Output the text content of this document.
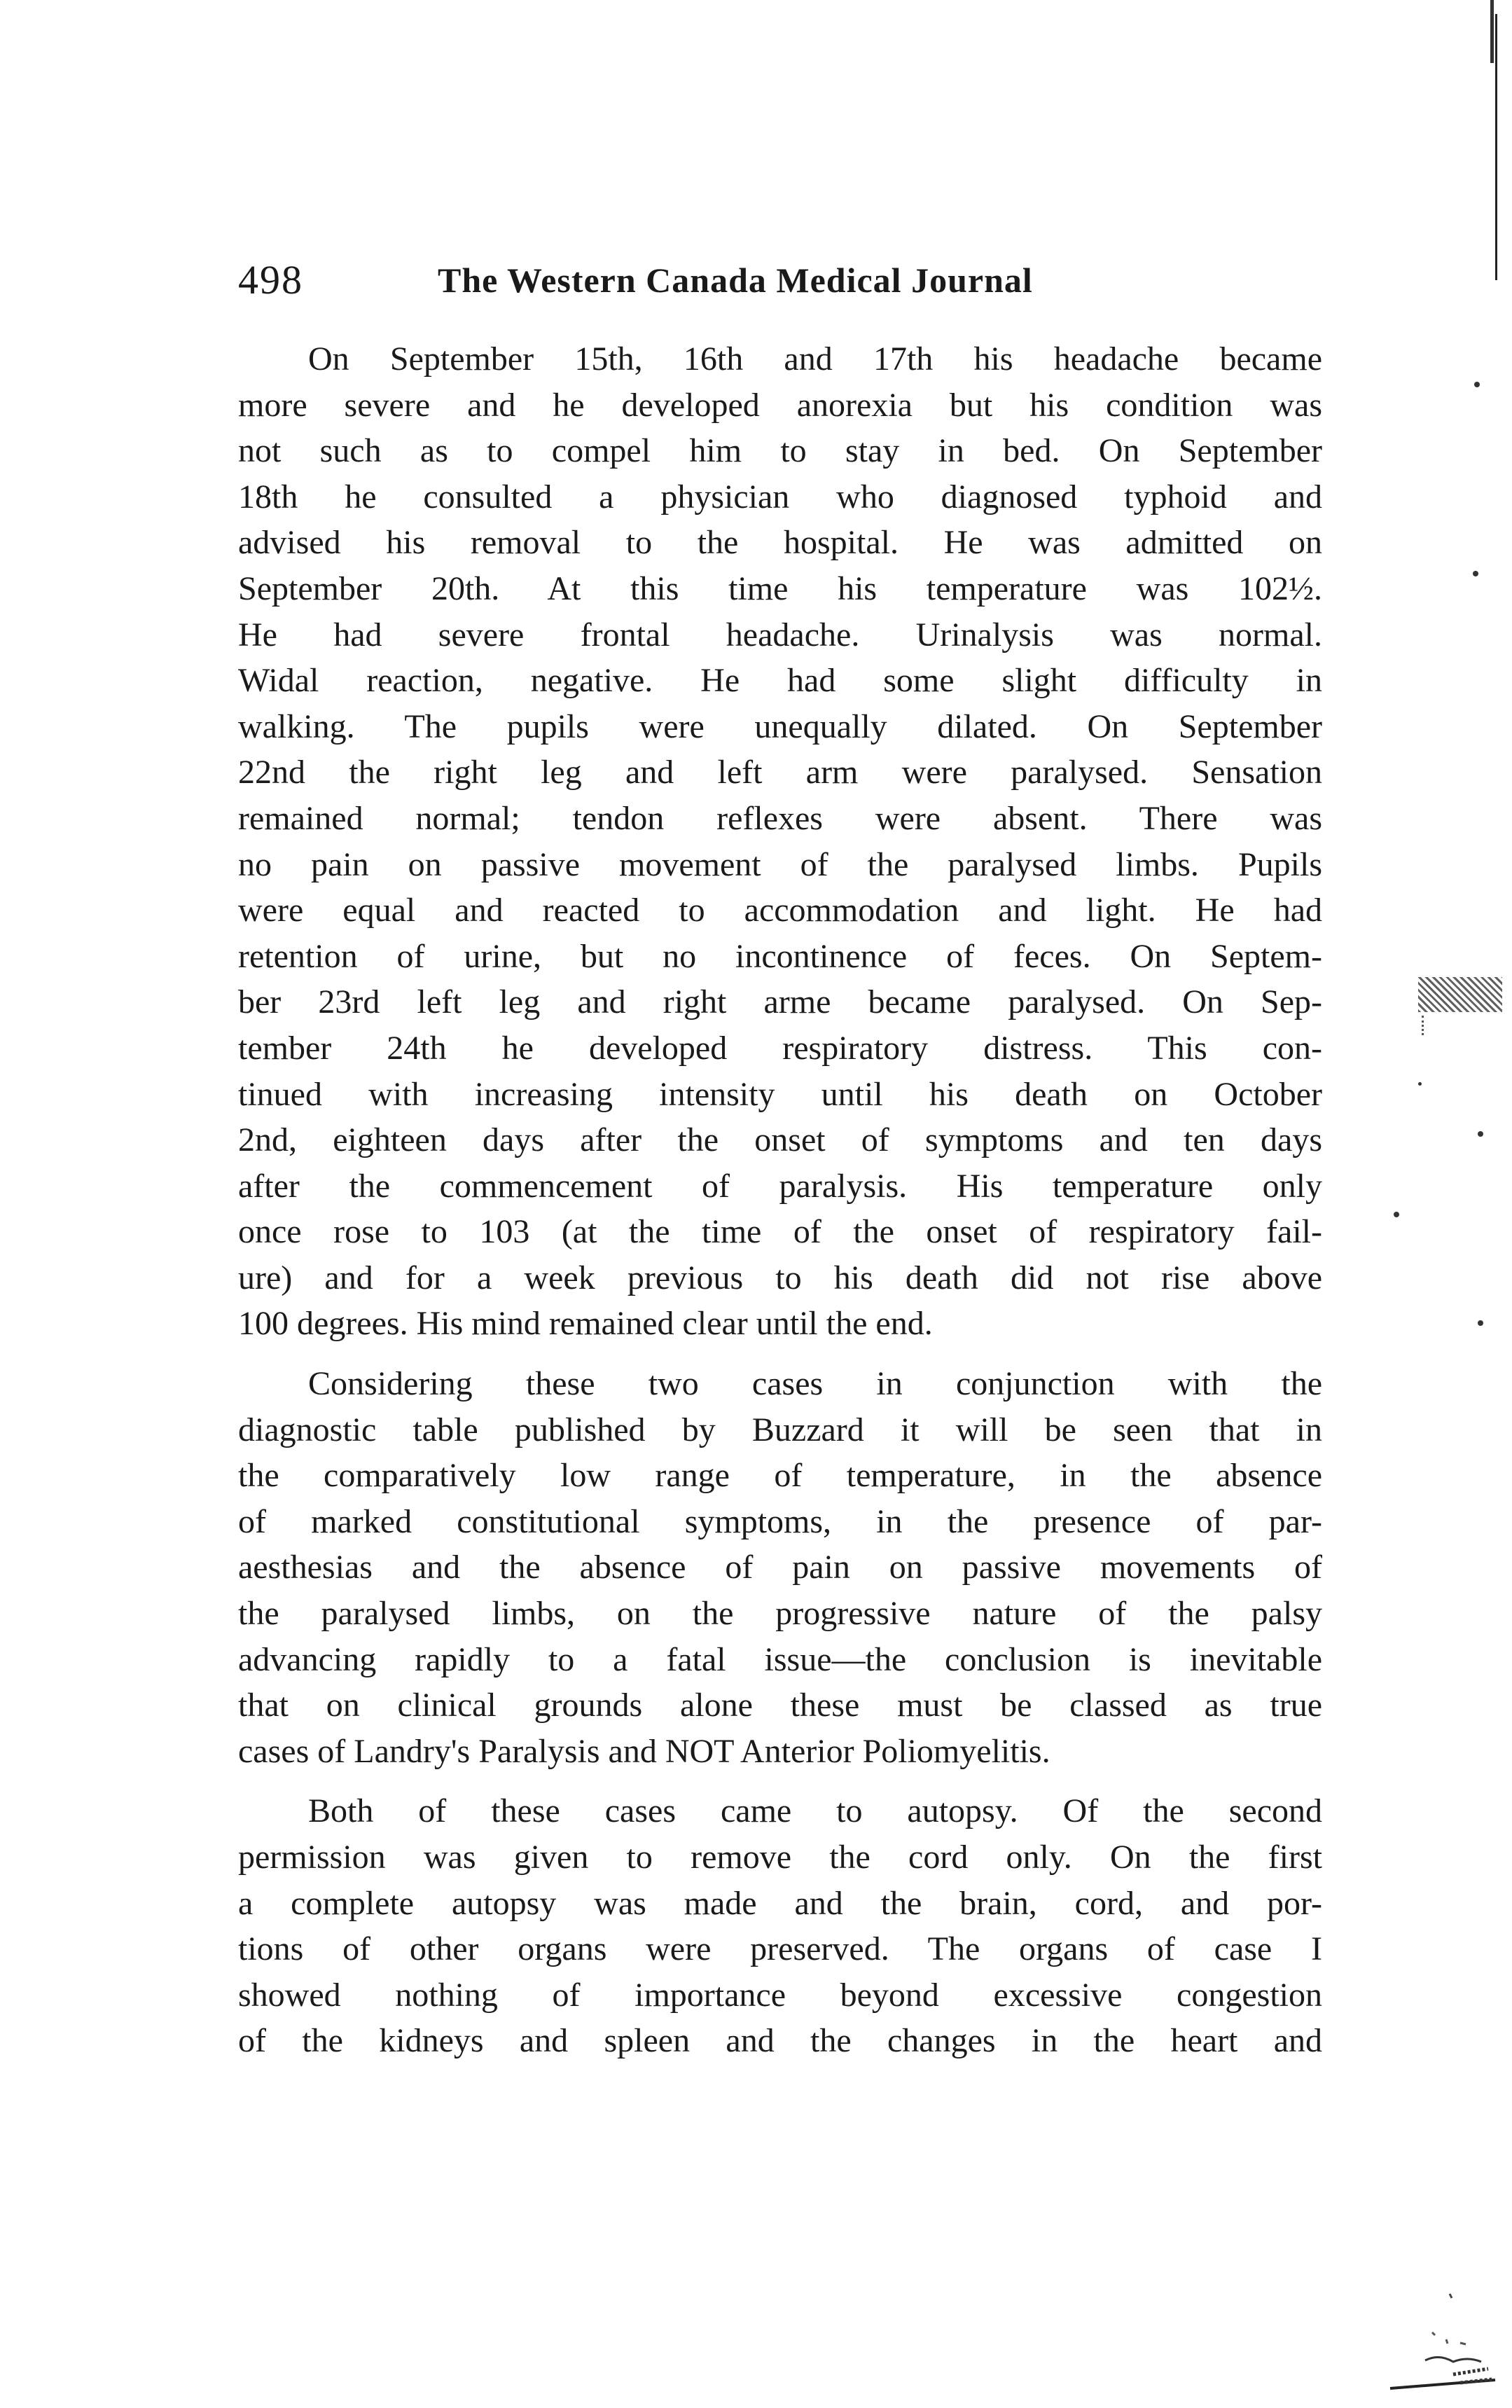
498	The Western Canada Medical Journal
On September 15th, 16th and 17th his headache became
more severe and he developed anorexia but his condition was
not such as to compel him to stay in bed. On September
18th he consulted a physician who diagnosed typhoid and
advised his removal to the hospital. He was admitted on
September 20th. At this time his temperature was 102½.
He had severe frontal headache. Urinalysis was normal.
Widal reaction, negative. He had some slight difficulty in
walking. The pupils were unequally dilated. On September
22nd the right leg and left arm were paralysed. Sensation
remained normal; tendon reflexes were absent. There was
no pain on passive movement of the paralysed limbs. Pupils
were equal and reacted to accommodation and light. He had
retention of urine, but no incontinence of feces. On Septem-
ber 23rd left leg and right arme became paralysed. On Sep-
tember 24th he developed respiratory distress. This con-
tinued with increasing intensity until his death on October
2nd, eighteen days after the onset of symptoms and ten days
after the commencement of paralysis. His temperature only
once rose to 103 (at the time of the onset of respiratory fail-
ure) and for a week previous to his death did not rise above
100 degrees. His mind remained clear until the end.
Considering these two cases in conjunction with the
diagnostic table published by Buzzard it will be seen that in
the comparatively low range of temperature, in the absence
of marked constitutional symptoms, in the presence of par-
aesthesias and the absence of pain on passive movements of
the paralysed limbs, on the progressive nature of the palsy
advancing rapidly to a fatal issue—the conclusion is inevitable
that on clinical grounds alone these must be classed as true
cases of Landry's Paralysis and NOT Anterior Poliomyelitis.
Both of these cases came to autopsy. Of the second
permission was given to remove the cord only. On the first
a complete autopsy was made and the brain, cord, and por-
tions of other organs were preserved. The organs of case I
showed nothing of importance beyond excessive congestion
of the kidneys and spleen and the changes in the heart and
